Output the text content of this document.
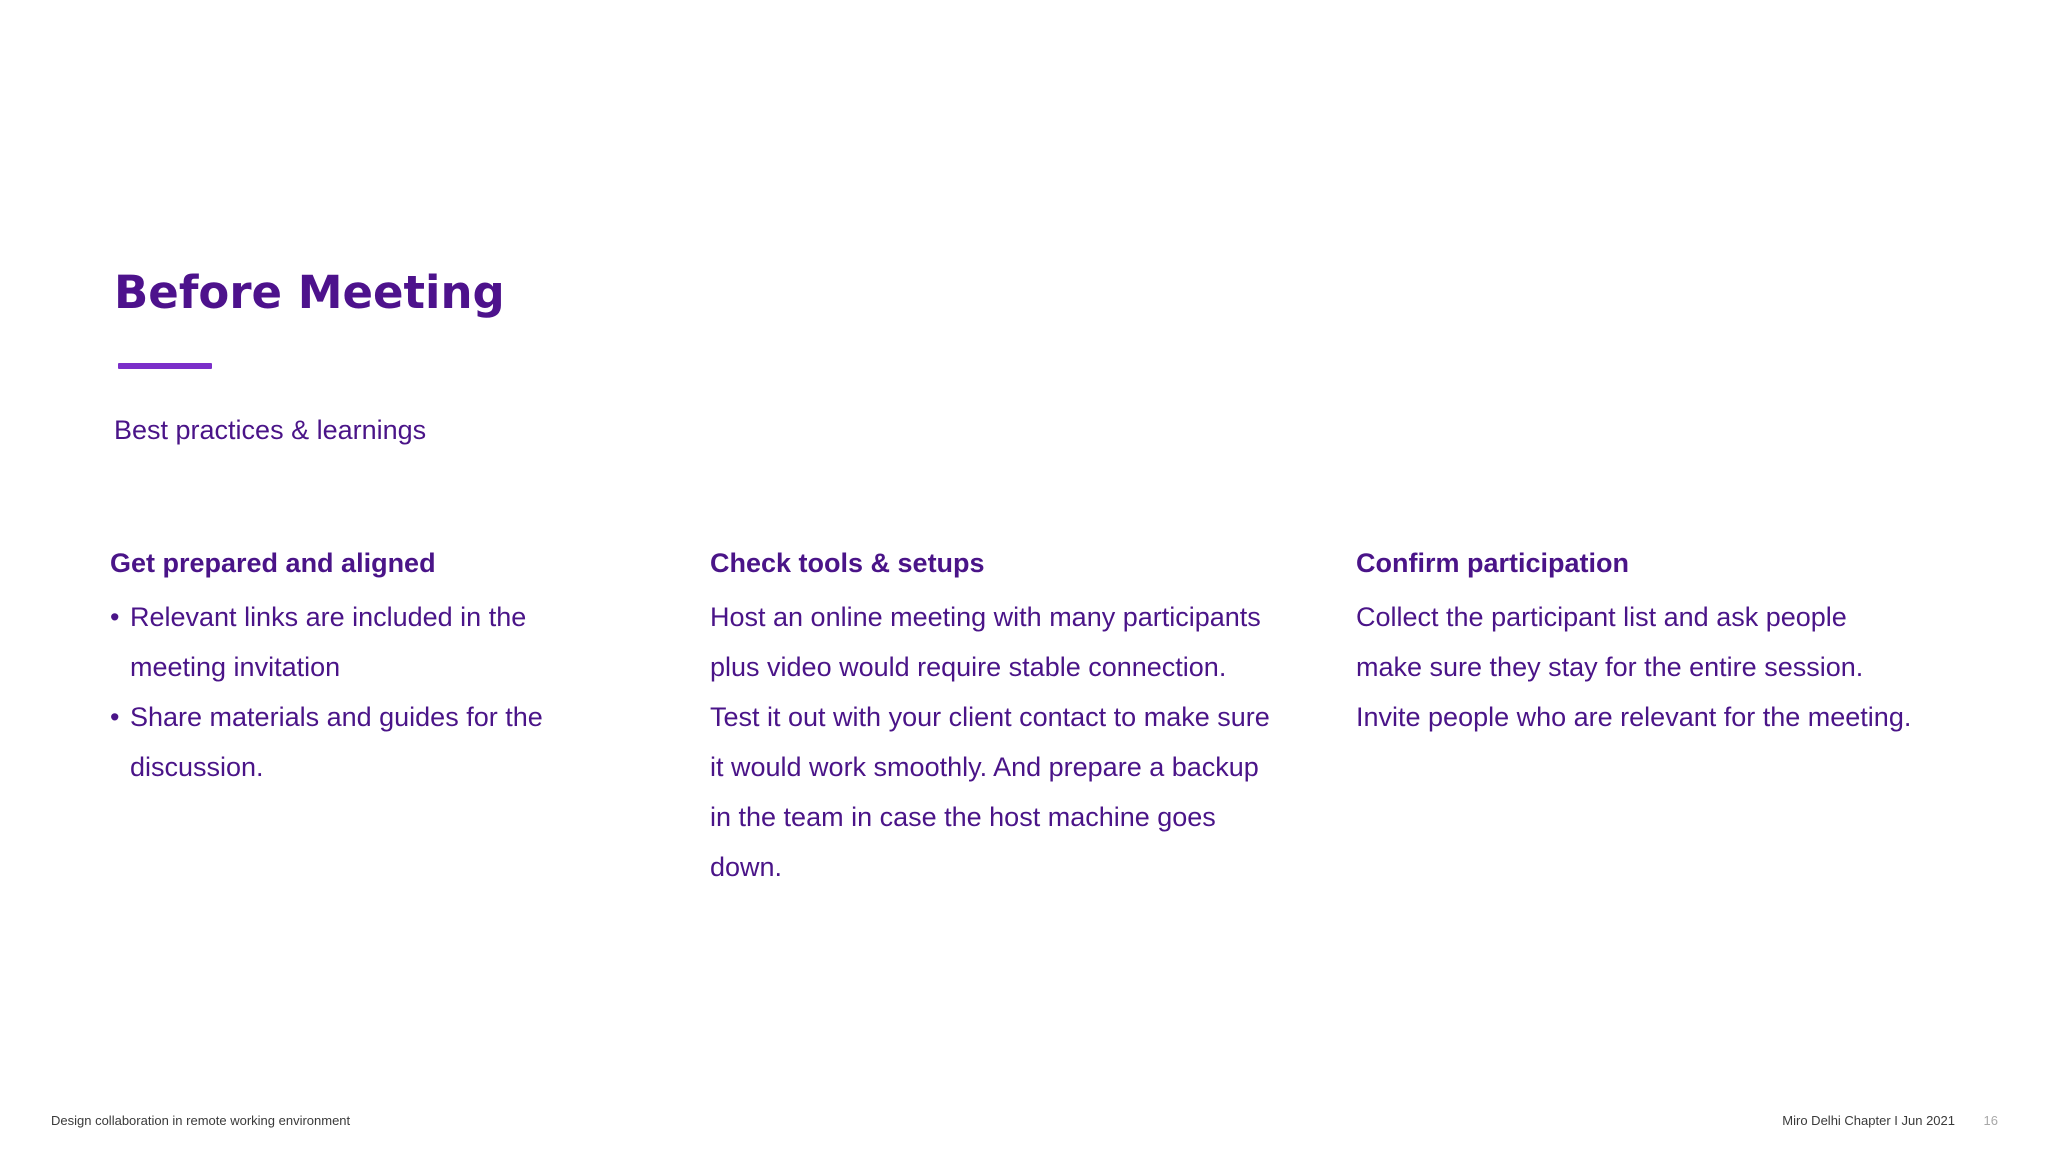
Before Meeting

Best practices & learnings

Get prepared and aligned
• Relevant links are included in the meeting invitation
• Share materials and guides for the discussion.
Check tools & setups

Host an online meeting with many participants plus video would require stable connection. Test it out with your client contact to make sure it would work smoothly. And prepare a backup in the team in case the host machine goes down.

Confirm participation

Collect the participant list and ask people make sure they stay for the entire session. Invite people who are relevant for the meeting.

Design collaboration in remote working environment	Miro Delhi Chapter I Jun 2021 16
